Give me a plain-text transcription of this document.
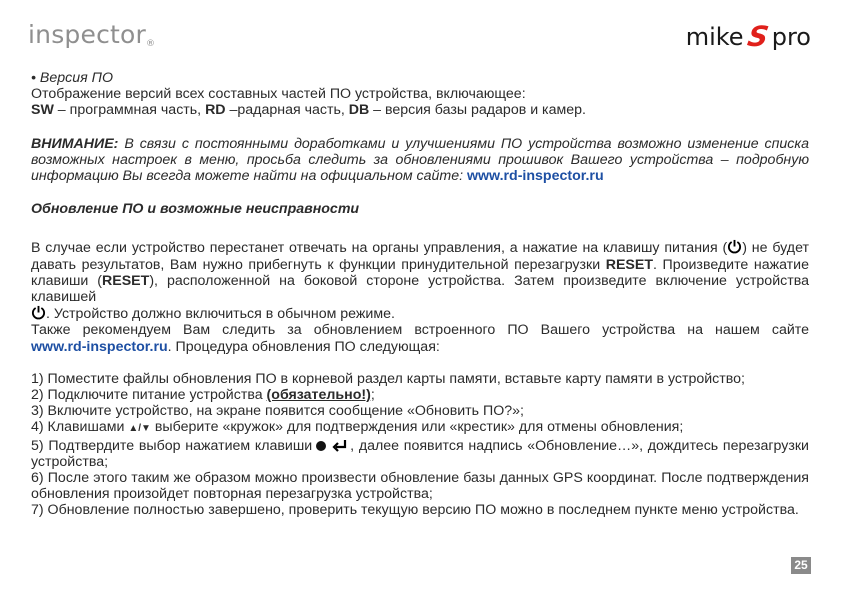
inspector®	mike S pro

• Версия ПО

Отображение версий всех составных частей ПО устройства, включающее:

SW – программная часть, RD –радарная часть, DB – версия базы радаров и камер.

ВНИМАНИЕ: В связи с постоянными доработками и улучшениями ПО устройства возможно изменение списка

возможных настроек в меню, просьба следить за обновлениями прошивок Вашего устройства – подробную

информацию Вы всегда можете найти на официальном сайте: www.rd-inspector.ru

Обновление ПО и возможные неисправности

В случае если устройство перестанет отвечать на органы управления, а нажатие на клавишу питания ( ) не будет

давать результатов, Вам нужно прибегнуть к функции принудительной перезагрузки RESET. Произведите нажатие

клавиши (RESET), расположенной на боковой стороне устройства. Затем произведите включение устройства клавишей

. Устройство должно включиться в обычном режиме.

Также рекомендуем Вам следить за обновлением встроенного ПО Вашего устройства на нашем сайте

www.rd-inspector.ru. Процедура обновления ПО следующая:

1) Поместите файлы обновления ПО в корневой раздел карты памяти, вставьте карту памяти в устройство;

2) Подключите питание устройства (обязательно!);

3) Включите устройство, на экране появится сообщение «Обновить ПО?»;

4) Клавишами ▲/▼ выберите «кружок» для подтверждения или «крестик» для отмены обновления;

5) Подтвердите выбор нажатием клавиши	, далее появится надпись «Обновление…», дождитесь перезагрузки

устройства;

6) После этого таким же образом можно произвести обновление базы данных GPS координат. После подтверждения

обновления произойдет повторная перезагрузка устройства;

7) Обновление полностью завершено, проверить текущую версию ПО можно в последнем пункте меню устройства.

25
